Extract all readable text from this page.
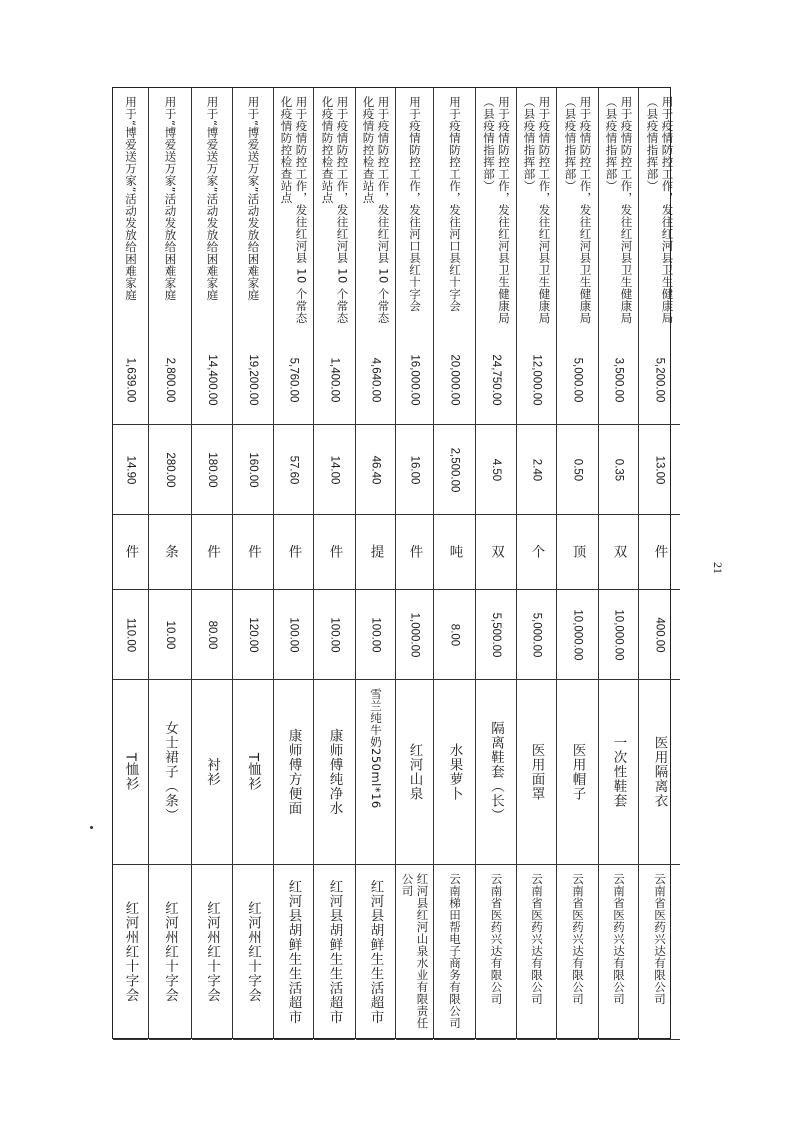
红河州红十字会
T恤衫
110.00
件
14.90
1,639.00
用于“博爱送万家”活动发放给困难家庭
红河州红十字会
女士裙子（条）
10.00
条
280.00
2,800.00
用于“博爱送万家”活动发放给困难家庭
红河州红十字会
衬衫
80.00
件
180.00
14,400.00
用于“博爱送万家”活动发放给困难家庭
红河州红十字会
T恤衫
120.00
件
160.00
19,200.00
用于“博爱送万家”活动发放给困难家庭
红河县胡鲜生生活超市
康师傅方便面
100.00
件
57.60
5,760.00
用于疫情防控工作，发往红河县 10 个常态化疫情防控检查站点
红河县胡鲜生生活超市
康师傅纯净水
100.00
件
14.00
1,400.00
用于疫情防控工作，发往红河县 10 个常态化疫情防控检查站点
红河县胡鲜生生活超市
雪兰纯牛奶250ml*16
100.00
提
46.40
4,640.00
用于疫情防控工作，发往红河县 10 个常态化疫情防控检查站点
红河县红河山泉水业有限责任公司
红河山泉
1,000.00
件
16.00
16,000.00
用于疫情防控工作，发往河口县红十字会
云南梯田帮电子商务有限公司
水果萝卜
8.00
吨
2,500.00
20,000.00
用于疫情防控工作，发往河口县红十字会
云南省医药兴达有限公司
隔离鞋套（长）
5,500.00
双
4.50
24,750.00
用于疫情防控工作，发往红河县卫生健康局（县疫情指挥部）
云南省医药兴达有限公司
医用面罩
5,000.00
个
2.40
12,000.00
用于疫情防控工作，发往红河县卫生健康局（县疫情指挥部）
云南省医药兴达有限公司
医用帽子
10,000.00
顶
0.50
5,000.00
用于疫情防控工作，发往红河县卫生健康局（县疫情指挥部）
云南省医药兴达有限公司
一次性鞋套
10,000.00
双
0.35
3,500.00
用于疫情防控工作，发往红河县卫生健康局（县疫情指挥部）
云南省医药兴达有限公司
医用隔离衣
400.00
件
13.00
5,200.00
用于疫情防控工作，发往红河县卫生健康局（县疫情指挥部）
21
